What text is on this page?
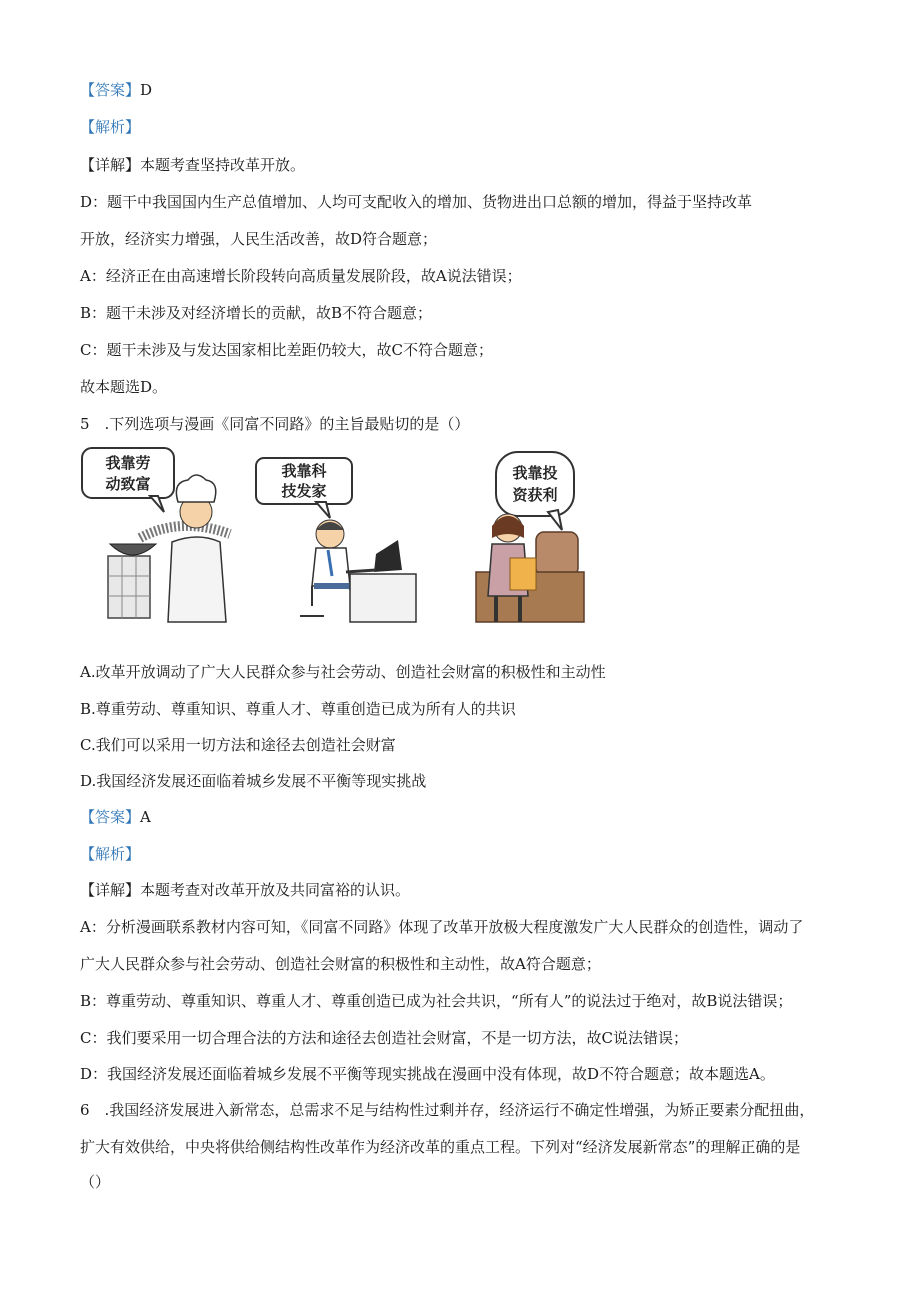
【答案】D
【解析】
【详解】本题考查坚持改革开放。
D：题干中我国国内生产总值增加、人均可支配收入的增加、货物进出口总额的增加，得益于坚持改革
开放，经济实力增强，人民生活改善，故D符合题意；
A：经济正在由高速增长阶段转向高质量发展阶段，故A说法错误；
B：题干未涉及对经济增长的贡献，故B不符合题意；
C：题干未涉及与发达国家相比差距仍较大，故C不符合题意；
故本题选D。
5　.下列选项与漫画《同富不同路》的主旨最贴切的是（）
我靠劳
动致富
我靠科
技发家
我靠投
资获利
A.改革开放调动了广大人民群众参与社会劳动、创造社会财富的积极性和主动性
B.尊重劳动、尊重知识、尊重人才、尊重创造已成为所有人的共识
C.我们可以采用一切方法和途径去创造社会财富
D.我国经济发展还面临着城乡发展不平衡等现实挑战
【答案】A
【解析】
【详解】本题考查对改革开放及共同富裕的认识。
A：分析漫画联系教材内容可知，《同富不同路》体现了改革开放极大程度激发广大人民群众的创造性，调动了
广大人民群众参与社会劳动、创造社会财富的积极性和主动性，故A符合题意；
B：尊重劳动、尊重知识、尊重人才、尊重创造已成为社会共识，“所有人”的说法过于绝对，故B说法错误；
C：我们要采用一切合理合法的方法和途径去创造社会财富，不是一切方法，故C说法错误；
D：我国经济发展还面临着城乡发展不平衡等现实挑战在漫画中没有体现，故D不符合题意；故本题选A。
6　.我国经济发展进入新常态，总需求不足与结构性过剩并存，经济运行不确定性增强，为矫正要素分配扭曲，
扩大有效供给，中央将供给侧结构性改革作为经济改革的重点工程。下列对“经济发展新常态”的理解正确的是
（）
